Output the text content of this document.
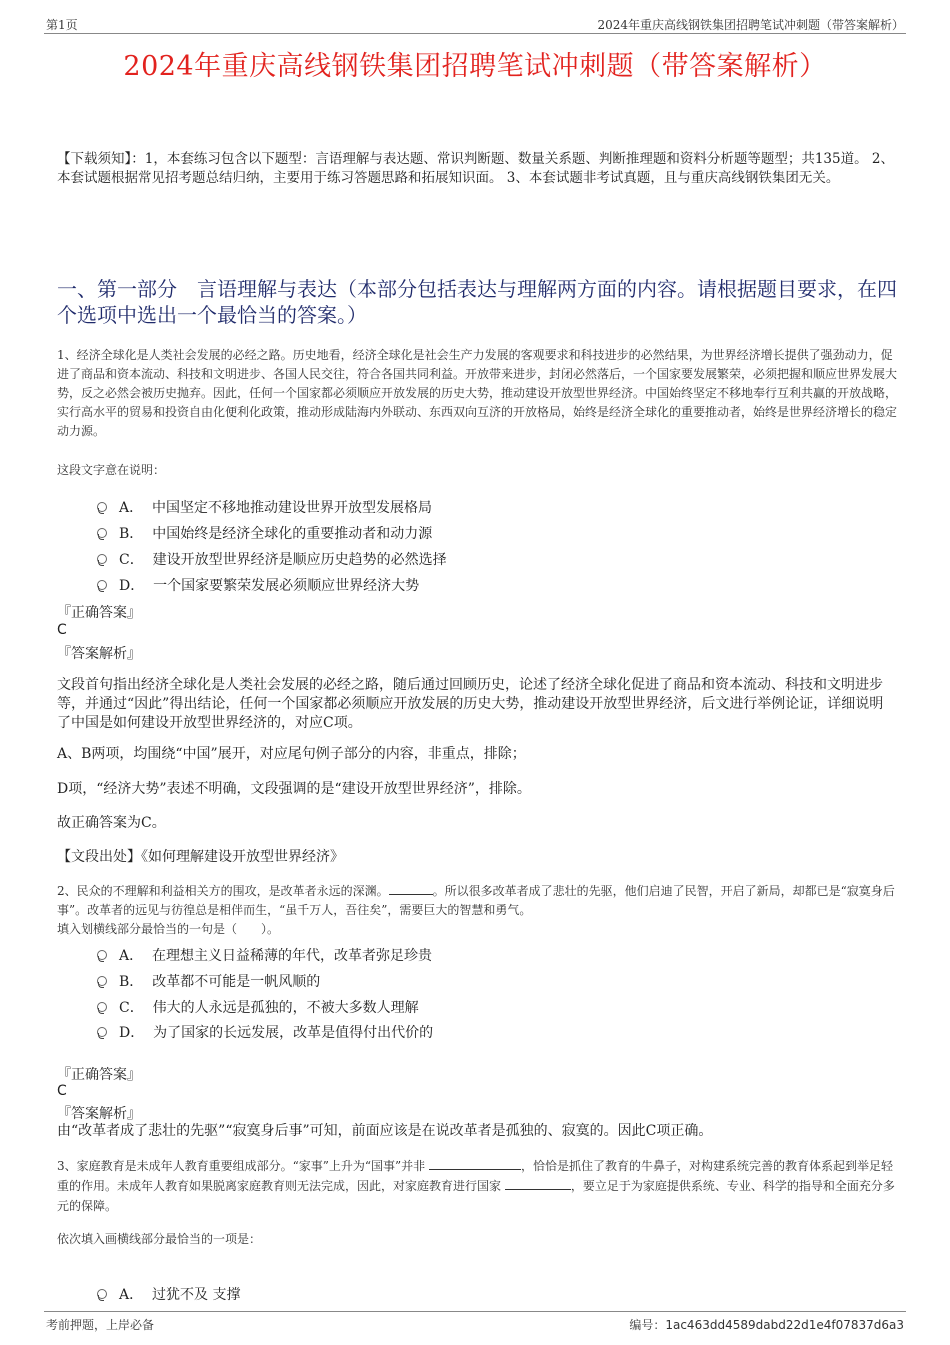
第1页	2024年重庆高线钢铁集团招聘笔试冲刺题（带答案解析）
2024年重庆高线钢铁集团招聘笔试冲刺题（带答案解析）
【下载须知】：1，本套练习包含以下题型：言语理解与表达题、常识判断题、数量关系题、判断推理题和资料分析题等题型；共135道。 2、本套试题根据常见招考题总结归纳，主要用于练习答题思路和拓展知识面。 3、本套试题非考试真题，且与重庆高线钢铁集团无关。
一、第一部分　言语理解与表达（本部分包括表达与理解两方面的内容。请根据题目要求，在四个选项中选出一个最恰当的答案。）
1、经济全球化是人类社会发展的必经之路。历史地看，经济全球化是社会生产力发展的客观要求和科技进步的必然结果，为世界经济增长提供了强劲动力，促进了商品和资本流动、科技和文明进步、各国人民交往，符合各国共同利益。开放带来进步，封闭必然落后，一个国家要发展繁荣，必须把握和顺应世界发展大势，反之必然会被历史抛弃。因此，任何一个国家都必须顺应开放发展的历史大势，推动建设开放型世界经济。中国始终坚定不移地奉行互利共赢的开放战略，实行高水平的贸易和投资自由化便利化政策，推动形成陆海内外联动、东西双向互济的开放格局，始终是经济全球化的重要推动者，始终是世界经济增长的稳定动力源。
这段文字意在说明：
A． 中国坚定不移地推动建设世界开放型发展格局
B． 中国始终是经济全球化的重要推动者和动力源
C． 建设开放型世界经济是顺应历史趋势的必然选择
D． 一个国家要繁荣发展必须顺应世界经济大势
『正确答案』
C
『答案解析』
文段首句指出经济全球化是人类社会发展的必经之路，随后通过回顾历史，论述了经济全球化促进了商品和资本流动、科技和文明进步等，并通过“因此”得出结论，任何一个国家都必须顺应开放发展的历史大势，推动建设开放型世界经济，后文进行举例论证，详细说明了中国是如何建设开放型世界经济的，对应C项。
A、B两项，均围绕“中国”展开，对应尾句例子部分的内容，非重点，排除；
D项，“经济大势”表述不明确，文段强调的是“建设开放型世界经济”，排除。
故正确答案为C。
【文段出处】《如何理解建设开放型世界经济》
2、民众的不理解和利益相关方的围攻，是改革者永远的深渊。	。所以很多改革者成了悲壮的先驱，他们启迪了民智，开启了新局，却都已是“寂寞身后事”。改革者的远见与彷徨总是相伴而生，“虽千万人，吾往矣”，需要巨大的智慧和勇气。
填入划横线部分最恰当的一句是（　　）。
A． 在理想主义日益稀薄的年代，改革者弥足珍贵
B． 改革都不可能是一帆风顺的
C． 伟大的人永远是孤独的，不被大多数人理解
D． 为了国家的长远发展，改革是值得付出代价的
『正确答案』
C
『答案解析』
由“改革者成了悲壮的先驱”“寂寞身后事”可知，前面应该是在说改革者是孤独的、寂寞的。因此C项正确。
3、家庭教育是未成年人教育重要组成部分。“家事”上升为“国事”并非	，恰恰是抓住了教育的牛鼻子，对构建系统完善的教育体系起到举足轻重的作用。未成年人教育如果脱离家庭教育则无法完成，因此，对家庭教育进行国家	，要立足于为家庭提供系统、专业、科学的指导和全面充分多元的保障。
依次填入画横线部分最恰当的一项是：
A． 过犹不及 支撑
考前押题，上岸必备	编号：1ac463dd4589dabd22d1e4f07837d6a3
